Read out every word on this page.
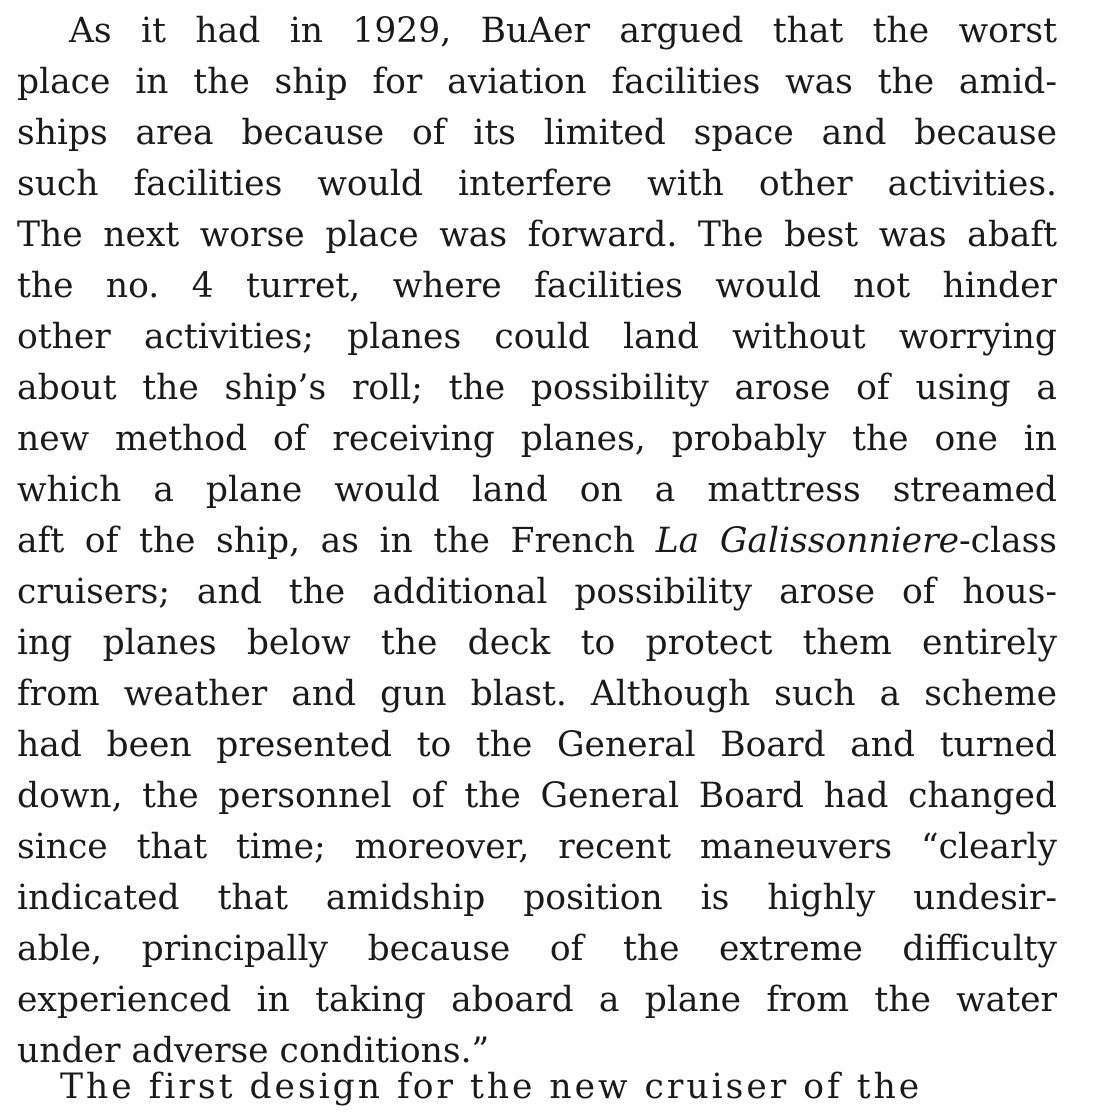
As it had in 1929, BuAer argued that the worst
place in the ship for aviation facilities was the amid-
ships area because of its limited space and because
such facilities would interfere with other activities.
The next worse place was forward. The best was abaft
the no. 4 turret, where facilities would not hinder
other activities; planes could land without worrying
about the ship’s roll; the possibility arose of using a
new method of receiving planes, probably the one in
which a plane would land on a mattress streamed
aft of the ship, as in the French La Galissonniere-class
cruisers; and the additional possibility arose of hous-
ing planes below the deck to protect them entirely
from weather and gun blast. Although such a scheme
had been presented to the General Board and turned
down, the personnel of the General Board had changed
since that time; moreover, recent maneuvers “clearly
indicated that amidship position is highly undesir-
able, principally because of the extreme difficulty
experienced in taking aboard a plane from the water
under adverse conditions.”
The first design for the new cruiser of the
